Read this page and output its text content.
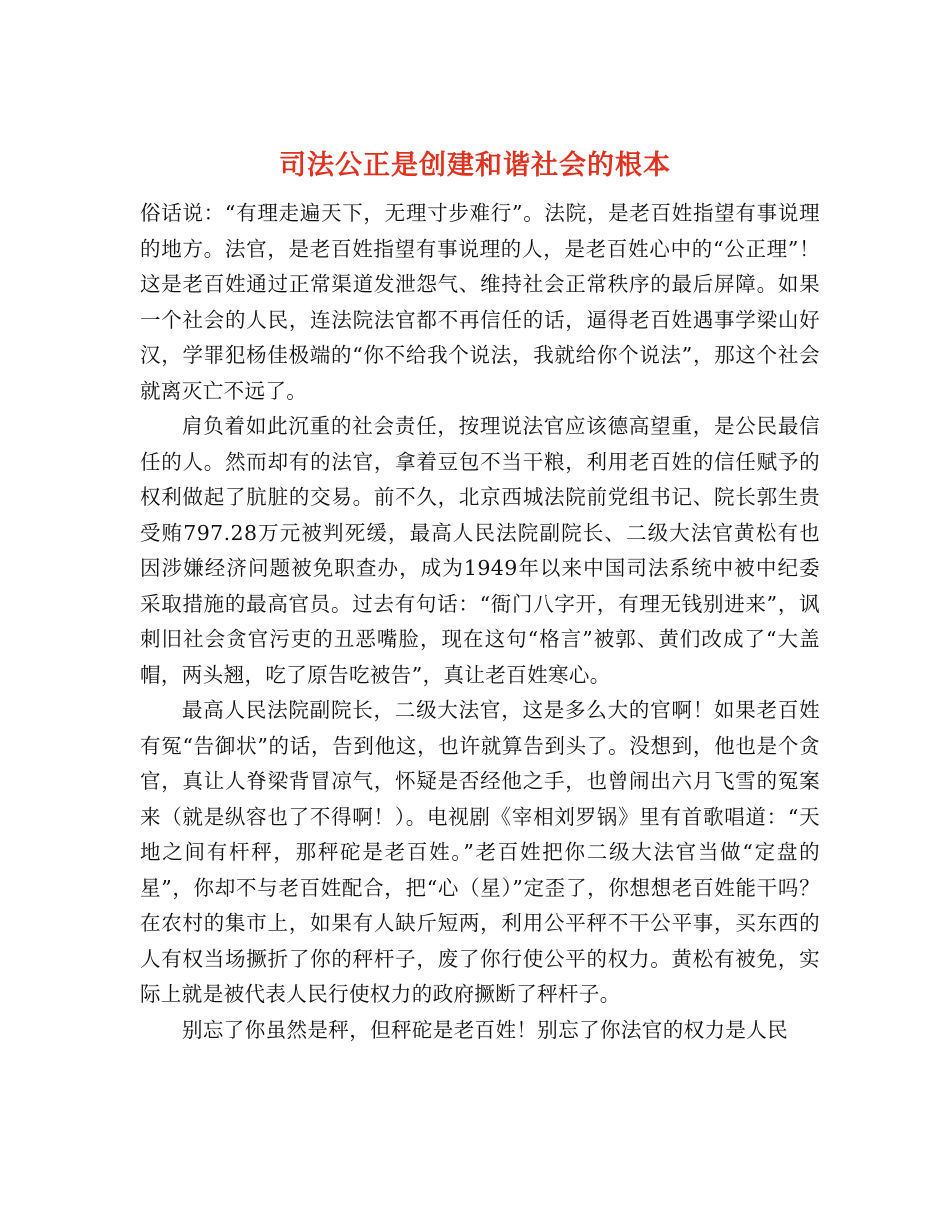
司法公正是创建和谐社会的根本

俗话说：“有理走遍天下，无理寸步难行”。法院，是老百姓指望有事说理的地方。法官，是老百姓指望有事说理的人，是老百姓心中的“公正理”！这是老百姓通过正常渠道发泄怨气、维持社会正常秩序的最后屏障。如果一个社会的人民，连法院法官都不再信任的话，逼得老百姓遇事学梁山好汉，学罪犯杨佳极端的“你不给我个说法，我就给你个说法”，那这个社会就离灭亡不远了。

肩负着如此沉重的社会责任，按理说法官应该德高望重，是公民最信任的人。然而却有的法官，拿着豆包不当干粮，利用老百姓的信任赋予的权利做起了肮脏的交易。前不久，北京西城法院前党组书记、院长郭生贵受贿797.28万元被判死缓，最高人民法院副院长、二级大法官黄松有也因涉嫌经济问题被免职查办，成为1949年以来中国司法系统中被中纪委采取措施的最高官员。过去有句话：“衙门八字开，有理无钱别进来”，讽刺旧社会贪官污吏的丑恶嘴脸，现在这句“格言”被郭、黄们改成了“大盖帽，两头翘，吃了原告吃被告”，真让老百姓寒心。

最高人民法院副院长，二级大法官，这是多么大的官啊！如果老百姓有冤“告御状”的话，告到他这，也许就算告到头了。没想到，他也是个贪官，真让人脊梁背冒凉气，怀疑是否经他之手，也曾闹出六月飞雪的冤案来（就是纵容也了不得啊！）。电视剧《宰相刘罗锅》里有首歌唱道：“天地之间有杆秤，那秤砣是老百姓。”老百姓把你二级大法官当做“定盘的星”，你却不与老百姓配合，把“心（星）”定歪了，你想想老百姓能干吗？在农村的集市上，如果有人缺斤短两，利用公平秤不干公平事，买东西的人有权当场撅折了你的秤杆子，废了你行使公平的权力。黄松有被免，实际上就是被代表人民行使权力的政府撅断了秤杆子。

别忘了你虽然是秤，但秤砣是老百姓！别忘了你法官的权力是人民
